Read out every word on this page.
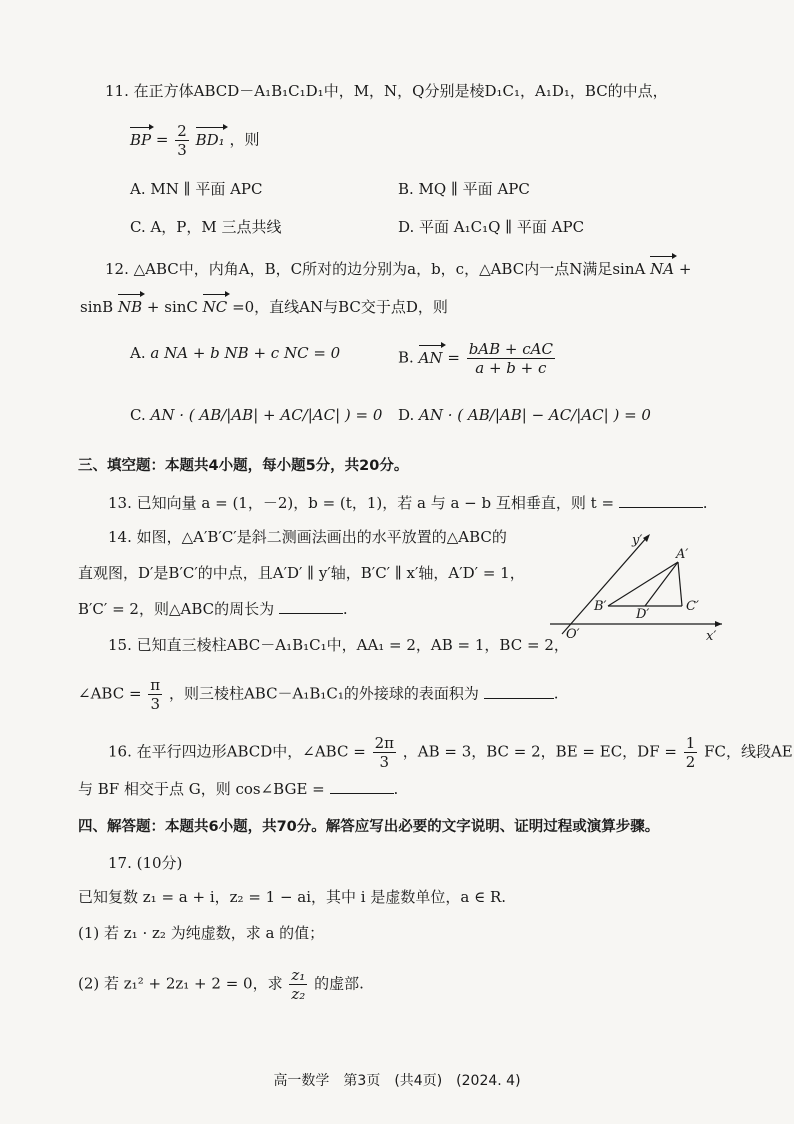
11. 在正方体ABCD－A₁B₁C₁D₁中，M，N，Q分别是棱D₁C₁，A₁D₁，BC的中点，
BP = $\frac{2}{3} BD_1$ ，则
A. MN ∥ 平面 APC	B. MQ ∥ 平面 APC
C. A，P，M 三点共线	D. 平面 A₁C₁Q ∥ 平面 APC
12. △ABC中，内角A，B，C所对的边分别为a，b，c，△ABC内一点N满足sinA NA +
sinB NB + sinC NC =0，直线AN与BC交于点D，则
A. a NA + b NB + c NC = 0	B. AN = $\frac{\text{bAB + cAC}}{a + b + c}$
C. AN · ( AB/|AB| + AC/|AC| ) = 0 D. AN · ( AB/|AB| − AC/|AC| ) = 0
三、填空题：本题共4小题，每小题5分，共20分。
13. 已知向量 a = (1，－2)，b = (t，1)，若 a 与 a − b 互相垂直，则 t =	.
14. 如图，△A′B′C′是斜二测画法画出的水平放置的△ABC的
直观图，D′是B′C′的中点，且A′D′ ∥ y′轴，B′C′ ∥ x′轴，A′D′ = 1，
B′C′ = 2，则△ABC的周长为	.
y′
x′
O′
A′
B′	C′
D′
15. 已知直三棱柱ABC－A₁B₁C₁中，AA₁ = 2，AB = 1，BC = 2，
∠ABC = $\frac{\pi}{3}$ ，则三棱柱ABC－A₁B₁C₁的外接球的表面积为	.
16. 在平行四边形ABCD中，∠ABC = $\frac{2\pi}{3}$ ，AB = 3，BC = 2，BE = EC，DF = $\frac{1}{2}$ FC，线段AE
与 BF 相交于点 G，则 cos∠BGE =	.
四、解答题：本题共6小题，共70分。解答应写出必要的文字说明、证明过程或演算步骤。
17. (10分)
已知复数 z₁ = a + i，z₂ = 1 − ai，其中 i 是虚数单位，a ∈ R.
(1) 若 z₁ · z₂ 为纯虚数，求 a 的值；
(2) 若 z₁² + 2z₁ + 2 = 0，求 $\frac{\text{z₁}}{\text{z₂}}$ 的虚部.
高一数学　第3页　(共4页)　(2024. 4)
